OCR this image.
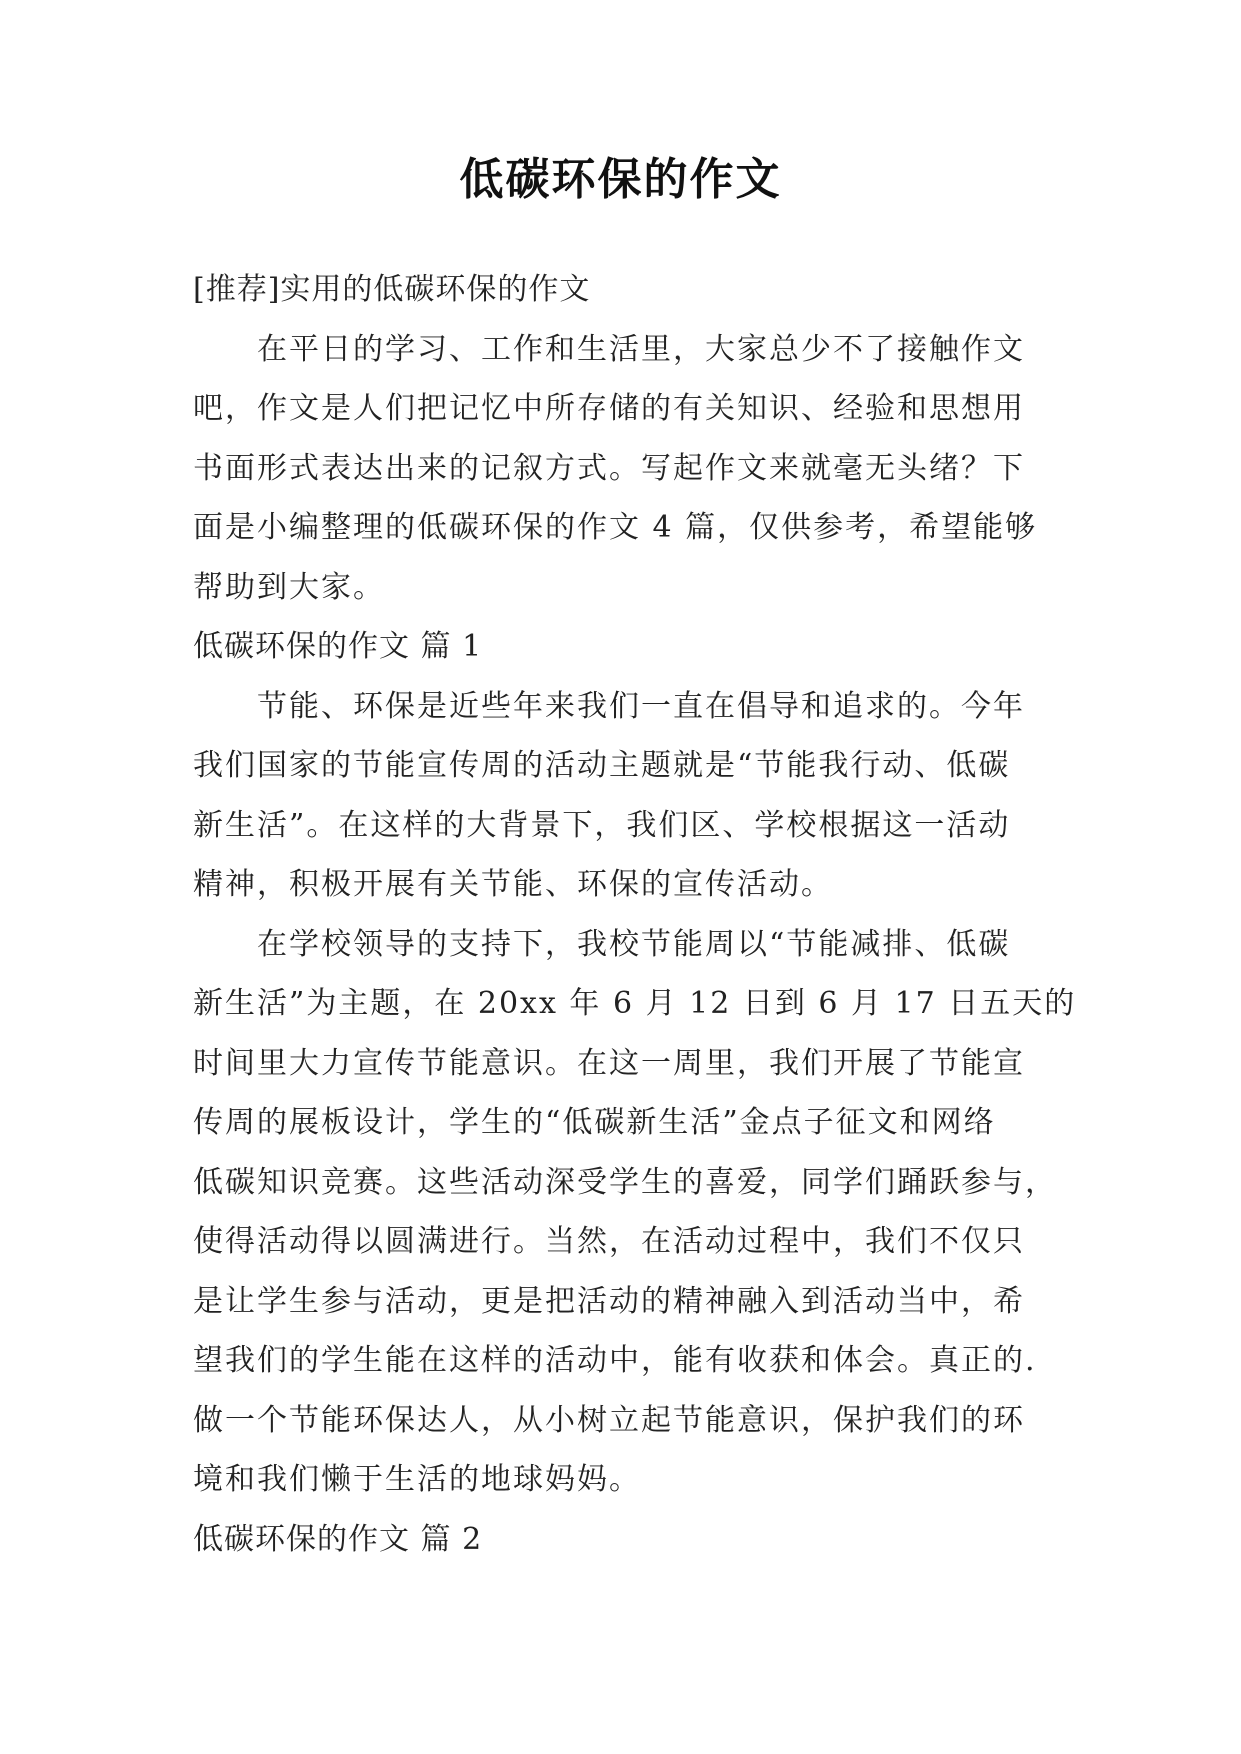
低碳环保的作文
[推荐]实用的低碳环保的作文
在平日的学习、工作和生活里，大家总少不了接触作文
吧，作文是人们把记忆中所存储的有关知识、经验和思想用
书面形式表达出来的记叙方式。写起作文来就毫无头绪？下
面是小编整理的低碳环保的作文 4 篇，仅供参考，希望能够
帮助到大家。
低碳环保的作文 篇 1
节能、环保是近些年来我们一直在倡导和追求的。今年
我们国家的节能宣传周的活动主题就是“节能我行动、低碳
新生活”。在这样的大背景下，我们区、学校根据这一活动
精神，积极开展有关节能、环保的宣传活动。
在学校领导的支持下，我校节能周以“节能减排、低碳
新生活”为主题，在 20xx 年 6 月 12 日到 6 月 17 日五天的
时间里大力宣传节能意识。在这一周里，我们开展了节能宣
传周的展板设计，学生的“低碳新生活”金点子征文和网络
低碳知识竞赛。这些活动深受学生的喜爱，同学们踊跃参与，
使得活动得以圆满进行。当然，在活动过程中，我们不仅只
是让学生参与活动，更是把活动的精神融入到活动当中，希
望我们的学生能在这样的活动中，能有收获和体会。真正的.
做一个节能环保达人，从小树立起节能意识，保护我们的环
境和我们懒于生活的地球妈妈。
低碳环保的作文 篇 2
